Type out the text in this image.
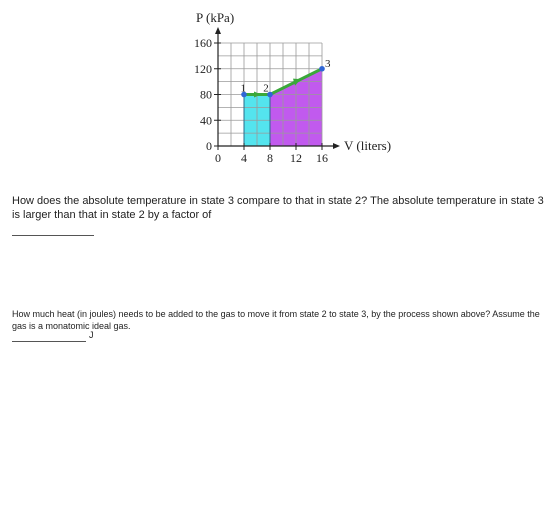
160
120
80
40
0
0 4 8 12 16
P (kPa)
V (liters)
1 2
3
How does the absolute temperature in state 3 compare to that in state 2? The absolute temperature in state 3 is larger than that in state 2 by a factor of
How much heat (in joules) needs to be added to the gas to move it from state 2 to state 3, by the process shown above? Assume the gas is a monatomic ideal gas.
J
